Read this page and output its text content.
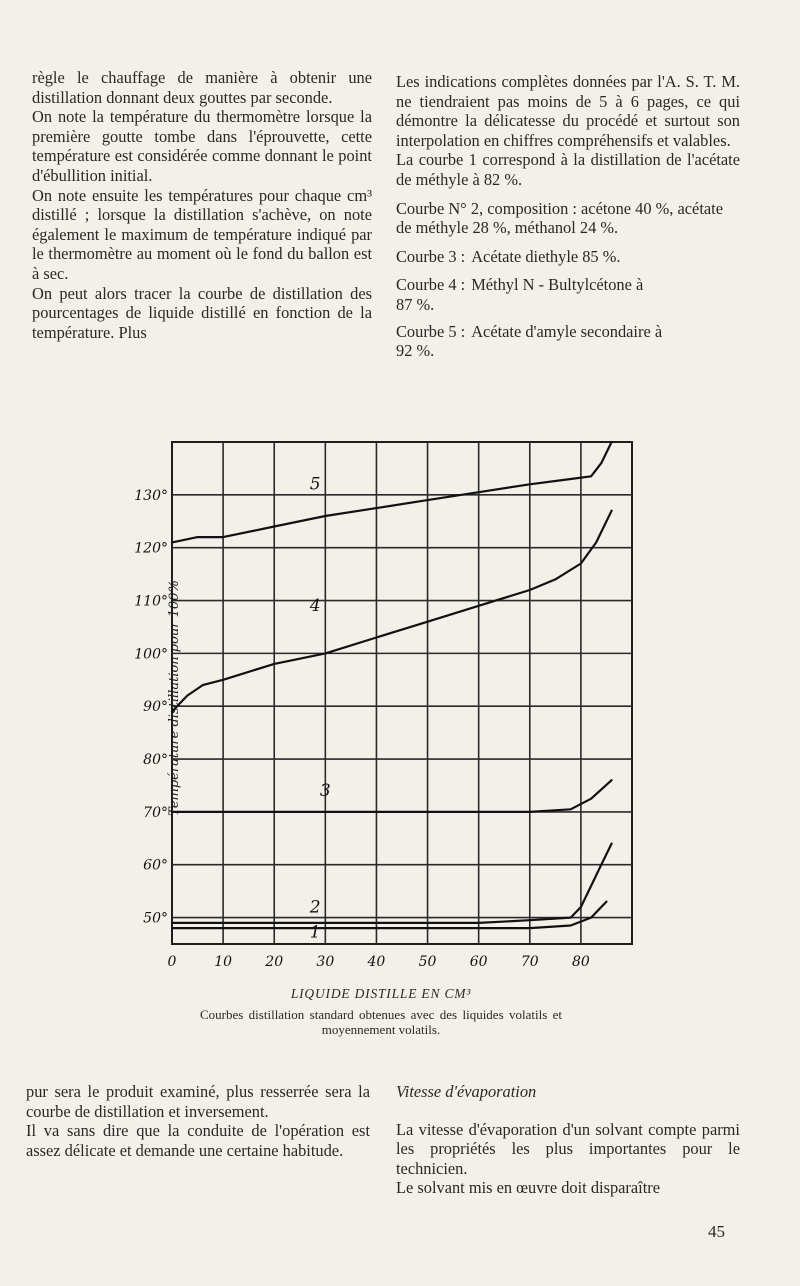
règle le chauffage de manière à obtenir une distillation donnant deux gouttes par seconde.

On note la température du thermomètre lorsque la première goutte tombe dans l'éprouvette, cette température est considérée comme donnant le point d'ébullition initial.

On note ensuite les températures pour chaque cm³ distillé ; lorsque la distillation s'achève, on note également le maximum de température indiqué par le thermomètre au moment où le fond du ballon est à sec.

On peut alors tracer la courbe de distillation des pourcentages de liquide distillé en fonction de la température. Plus

Les indications complètes données par l'A. S. T. M. ne tiendraient pas moins de 5 à 6 pages, ce qui démontre la délicatesse du procédé et surtout son interpolation en chiffres compréhensifs et valables.

La courbe 1 correspond à la distillation de l'acétate de méthyle à 82 %.

Courbe N° 2, composition : acétone 40 %, acétate de méthyle 28 %, méthanol 24 %.

Courbe 3 : Acétate diethyle 85 %.
Courbe 4 : Méthyl N - Bultylcétone à
87 %.
Courbe 5 : Acétate d'amyle secondaire à
92 %.
Température distillation pour 100%
0	10 20 30 40 50 60 70 80
130°
120°
110°
100°
90°
80°
70°
60°
50°
5
4
3
2
1
LIQUIDE DISTILLE EN CM³
Courbes distillation standard obtenues avec des liquides volatils et moyennement volatils.

pur sera le produit examiné, plus resserrée sera la courbe de distillation et inversement.

Il va sans dire que la conduite de l'opération est assez délicate et demande une certaine habitude.

Vitesse d'évaporation

La vitesse d'évaporation d'un solvant compte parmi les propriétés les plus importantes pour le technicien.

Le solvant mis en œuvre doit disparaître

45
